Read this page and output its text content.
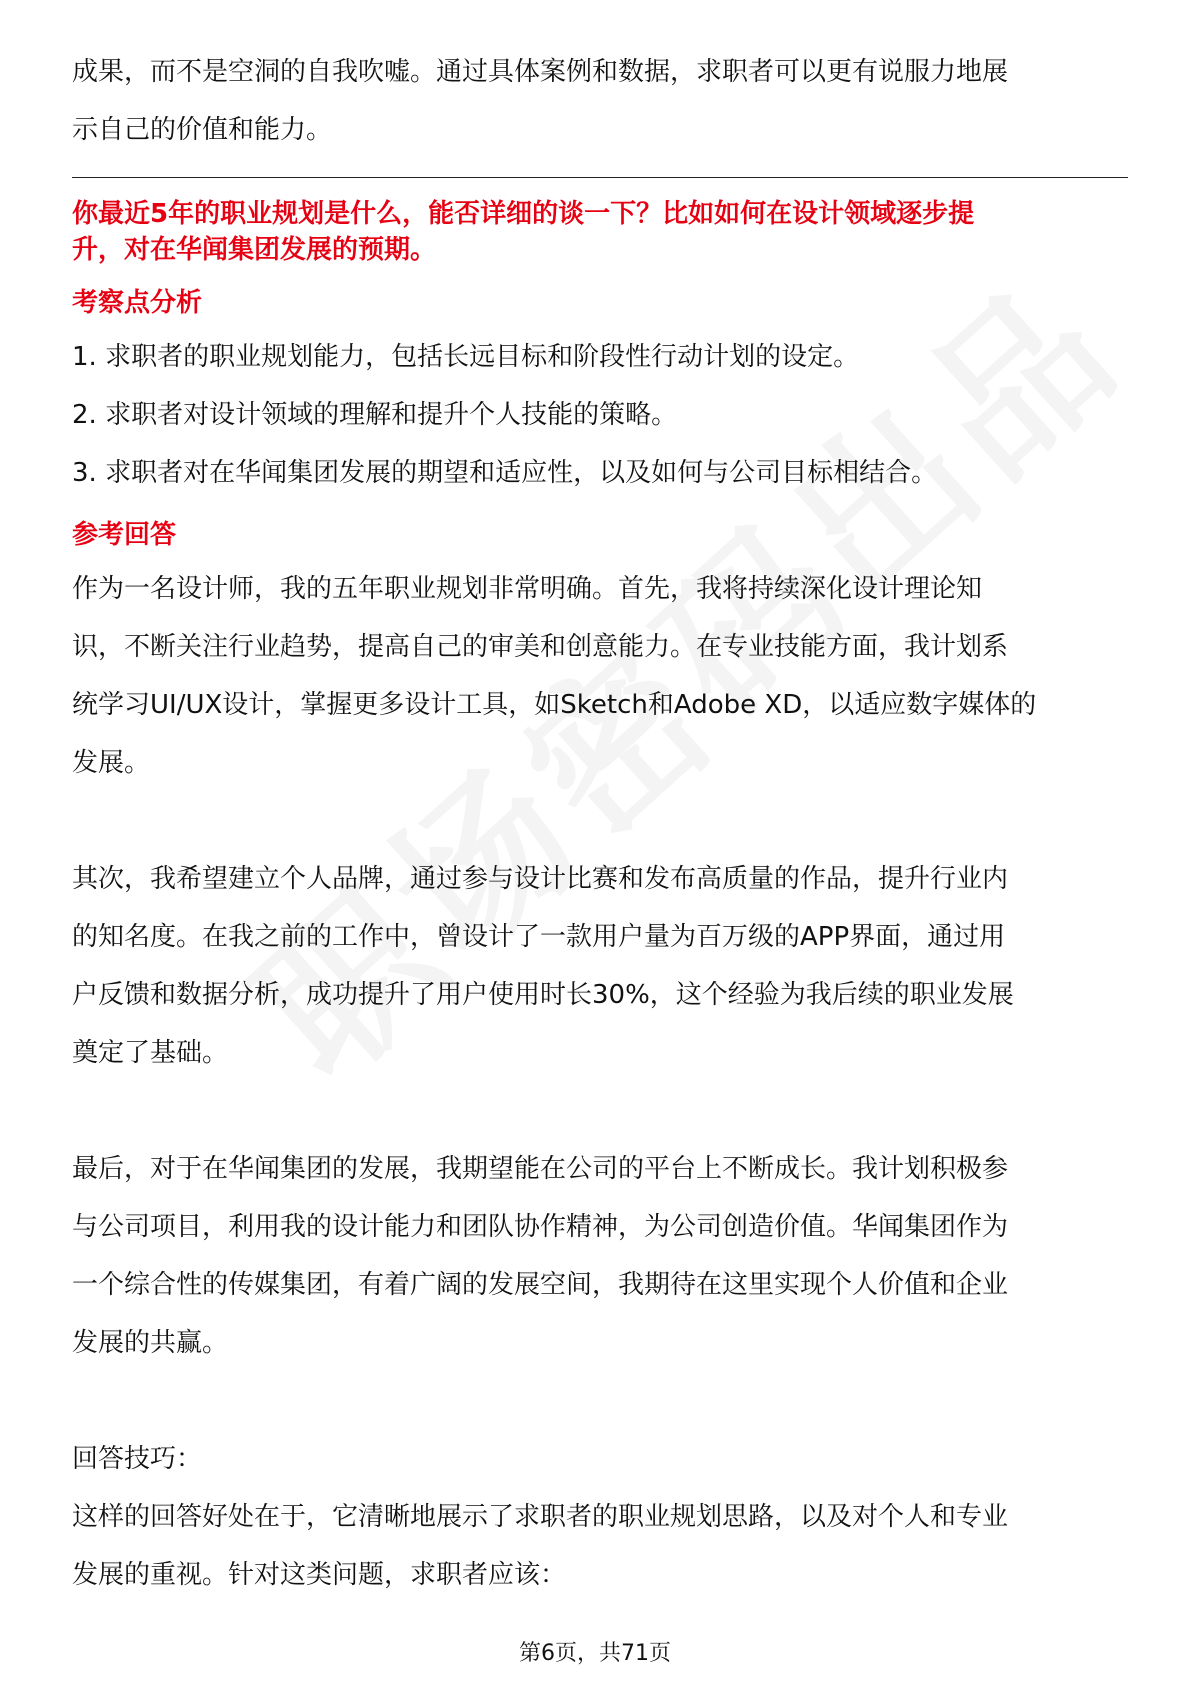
成果，而不是空洞的自我吹嘘。通过具体案例和数据，求职者可以更有说服力地展

示自己的价值和能力。

你最近5年的职业规划是什么，能否详细的谈一下？比如如何在设计领域逐步提

升，对在华闻集团发展的预期。

考察点分析

1. 求职者的职业规划能力，包括长远目标和阶段性行动计划的设定。

2. 求职者对设计领域的理解和提升个人技能的策略。

3. 求职者对在华闻集团发展的期望和适应性，以及如何与公司目标相结合。

参考回答

作为一名设计师，我的五年职业规划非常明确。首先，我将持续深化设计理论知

识，不断关注行业趋势，提高自己的审美和创意能力。在专业技能方面，我计划系

统学习UI/UX设计，掌握更多设计工具，如Sketch和Adobe XD，以适应数字媒体的

发展。

其次，我希望建立个人品牌，通过参与设计比赛和发布高质量的作品，提升行业内

的知名度。在我之前的工作中，曾设计了一款用户量为百万级的APP界面，通过用

户反馈和数据分析，成功提升了用户使用时长30%，这个经验为我后续的职业发展

奠定了基础。

最后，对于在华闻集团的发展，我期望能在公司的平台上不断成长。我计划积极参

与公司项目，利用我的设计能力和团队协作精神，为公司创造价值。华闻集团作为

一个综合性的传媒集团，有着广阔的发展空间，我期待在这里实现个人价值和企业

发展的共赢。

回答技巧：

这样的回答好处在于，它清晰地展示了求职者的职业规划思路，以及对个人和专业

发展的重视。针对这类问题，求职者应该：

第6页，共71页
